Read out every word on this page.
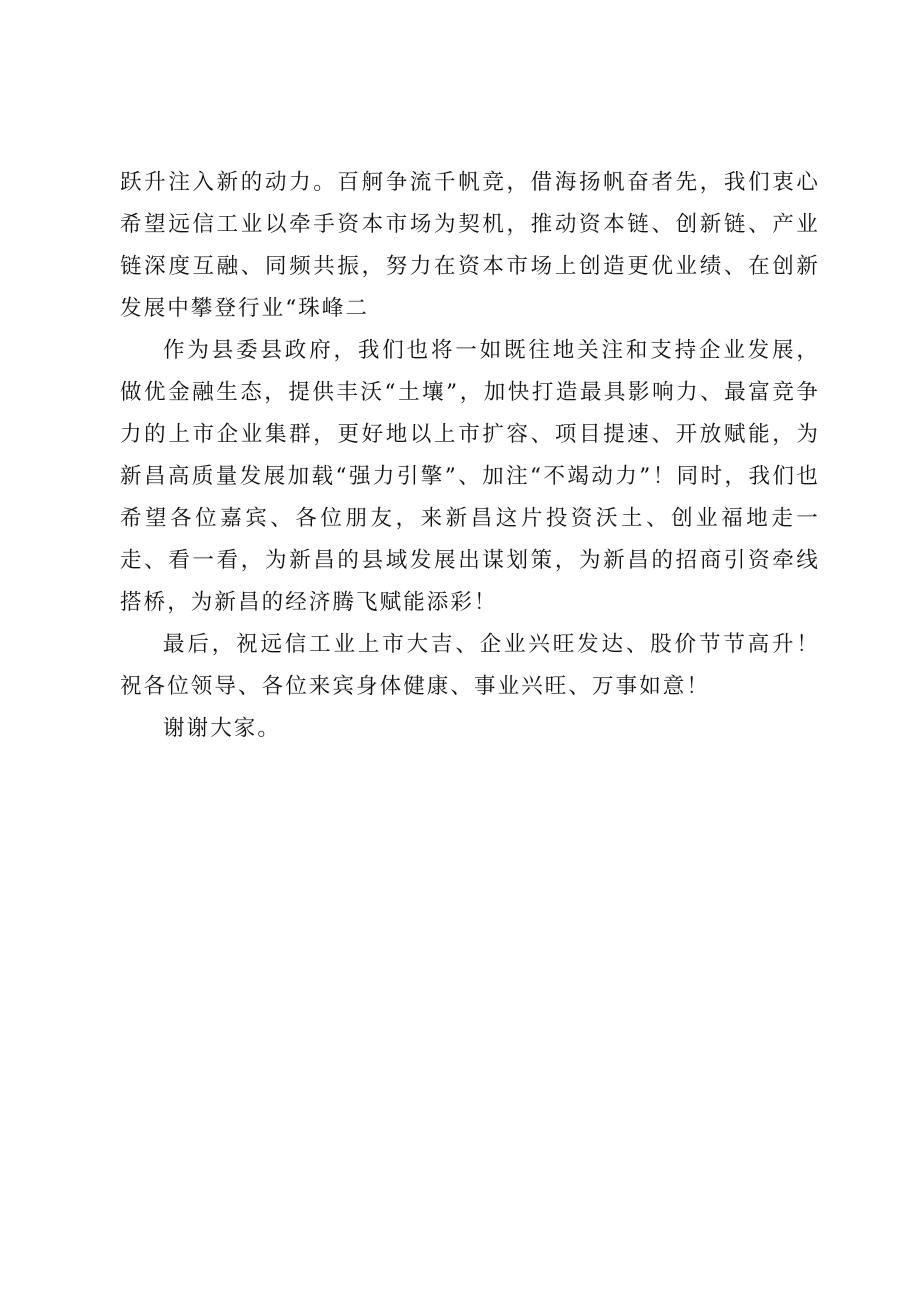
跃升注入新的动力。百舸争流千帆竞，借海扬帆奋者先，我们衷心希望远信工业以牵手资本市场为契机，推动资本链、创新链、产业链深度互融、同频共振，努力在资本市场上创造更优业绩、在创新发展中攀登行业“珠峰二

作为县委县政府，我们也将一如既往地关注和支持企业发展，做优金融生态，提供丰沃“土壤”，加快打造最具影响力、最富竞争力的上市企业集群，更好地以上市扩容、项目提速、开放赋能，为新昌高质量发展加载“强力引擎”、加注“不竭动力”！同时，我们也希望各位嘉宾、各位朋友，来新昌这片投资沃土、创业福地走一走、看一看，为新昌的县域发展出谋划策，为新昌的招商引资牵线搭桥，为新昌的经济腾飞赋能添彩！

最后，祝远信工业上市大吉、企业兴旺发达、股价节节高升！祝各位领导、各位来宾身体健康、事业兴旺、万事如意！

谢谢大家。
